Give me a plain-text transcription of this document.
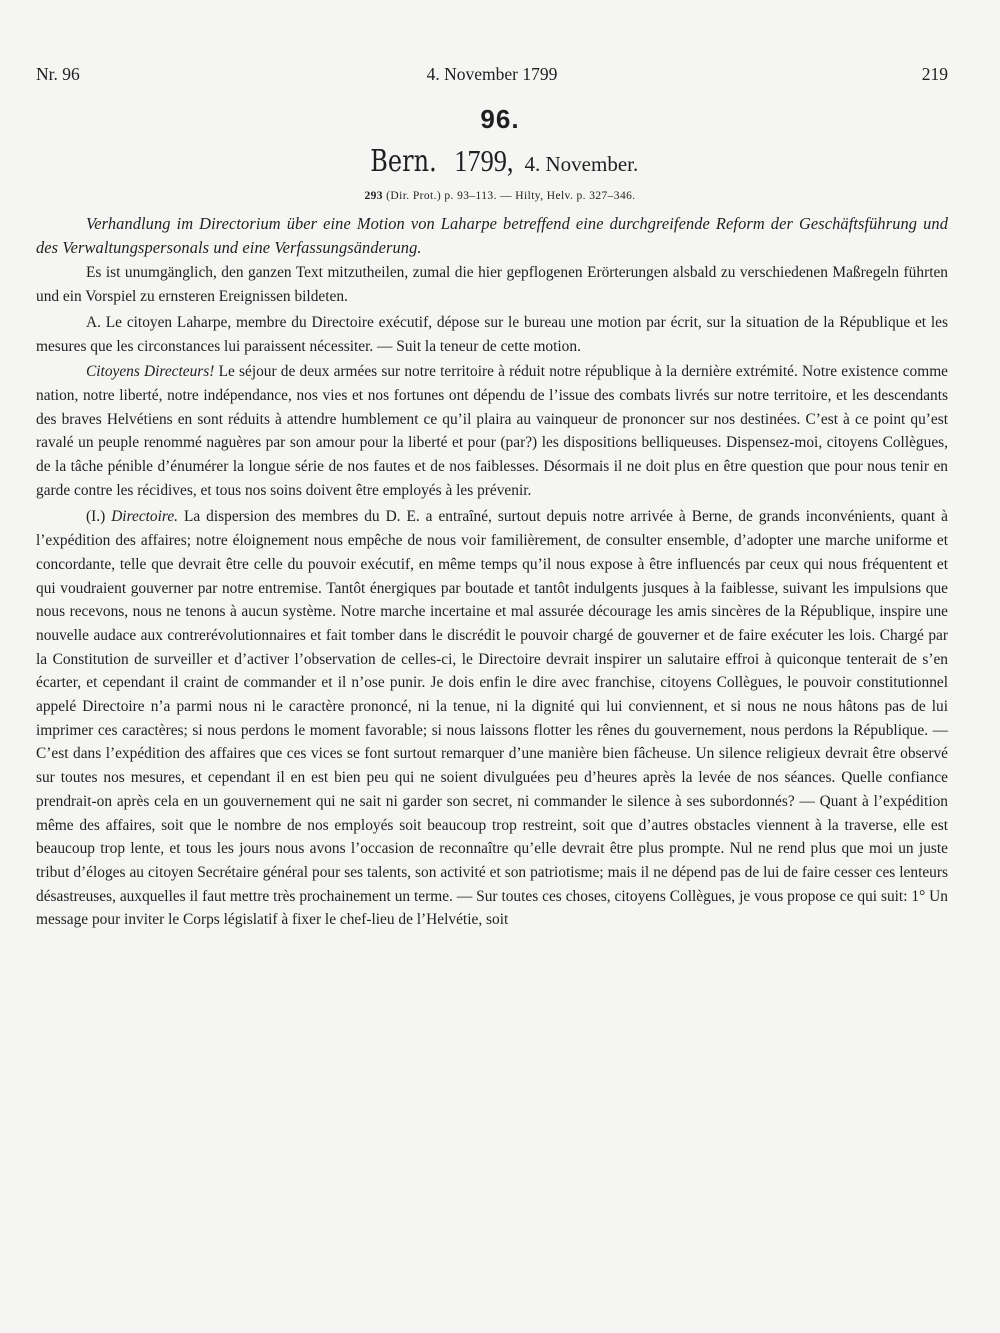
Nr. 96	4. November 1799	219
96.
Bern. 1799, 4. November.
293 (Dir. Prot.) p. 93–113. — Hilty, Helv. p. 327–346.

Verhandlung im Directorium über eine Motion von Laharpe betreffend eine durchgreifende Reform der Geschäftsführung und des Verwaltungspersonals und eine Verfassungsänderung.

Es ist unumgänglich, den ganzen Text mitzutheilen, zumal die hier gepflogenen Erörterungen alsbald zu verschiedenen Maßregeln führten und ein Vorspiel zu ernsteren Ereignissen bildeten.

A. Le citoyen Laharpe, membre du Directoire exécutif, dépose sur le bureau une motion par écrit, sur la situation de la République et les mesures que les circonstances lui paraissent nécessiter. — Suit la teneur de cette motion.

Citoyens Directeurs! Le séjour de deux armées sur notre territoire à réduit notre république à la dernière extrémité. Notre existence comme nation, notre liberté, notre indépendance, nos vies et nos fortunes ont dépendu de l’issue des combats livrés sur notre territoire, et les descendants des braves Helvétiens en sont réduits à attendre humblement ce qu’il plaira au vainqueur de prononcer sur nos destinées. C’est à ce point qu’est ravalé un peuple renommé naguères par son amour pour la liberté et pour (par?) les dispositions belliqueuses. Dispensez-moi, citoyens Collègues, de la tâche pénible d’énumérer la longue série de nos fautes et de nos faiblesses. Désormais il ne doit plus en être question que pour nous tenir en garde contre les récidives, et tous nos soins doivent être employés à les prévenir.

(I.) Directoire. La dispersion des membres du D. E. a entraîné, surtout depuis notre arrivée à Berne, de grands inconvénients, quant à l’expédition des affaires; notre éloignement nous empêche de nous voir familièrement, de consulter ensemble, d’adopter une marche uniforme et concordante, telle que devrait être celle du pouvoir exécutif, en même temps qu’il nous expose à être influencés par ceux qui nous fréquentent et qui voudraient gouverner par notre entremise. Tantôt énergiques par boutade et tantôt indulgents jusques à la faiblesse, suivant les impulsions que nous recevons, nous ne tenons à aucun système. Notre marche incertaine et mal assurée décourage les amis sincères de la République, inspire une nouvelle audace aux contrerévolutionnaires et fait tomber dans le discrédit le pouvoir chargé de gouverner et de faire exécuter les lois. Chargé par la Constitution de surveiller et d’activer l’observation de celles-ci, le Directoire devrait inspirer un salutaire effroi à quiconque tenterait de s’en écarter, et cependant il craint de commander et il n’ose punir. Je dois enfin le dire avec franchise, citoyens Collègues, le pouvoir constitutionnel appelé Directoire n’a parmi nous ni le caractère prononcé, ni la tenue, ni la dignité qui lui conviennent, et si nous ne nous hâtons pas de lui imprimer ces caractères; si nous perdons le moment favorable; si nous laissons flotter les rênes du gouvernement, nous perdons la République. — C’est dans l’expédition des affaires que ces vices se font surtout remarquer d’une manière bien fâcheuse. Un silence religieux devrait être observé sur toutes nos mesures, et cependant il en est bien peu qui ne soient divulguées peu d’heures après la levée de nos séances. Quelle confiance prendrait-on après cela en un gouvernement qui ne sait ni garder son secret, ni commander le silence à ses subordonnés? — Quant à l’expédition même des affaires, soit que le nombre de nos employés soit beaucoup trop restreint, soit que d’autres obstacles viennent à la traverse, elle est beaucoup trop lente, et tous les jours nous avons l’occasion de reconnaître qu’elle devrait être plus prompte. Nul ne rend plus que moi un juste tribut d’éloges au citoyen Secrétaire général pour ses talents, son activité et son patriotisme; mais il ne dépend pas de lui de faire cesser ces lenteurs désastreuses, auxquelles il faut mettre très prochainement un terme. — Sur toutes ces choses, citoyens Collègues, je vous propose ce qui suit: 1° Un message pour inviter le Corps législatif à fixer le chef-lieu de l’Helvétie, soit
